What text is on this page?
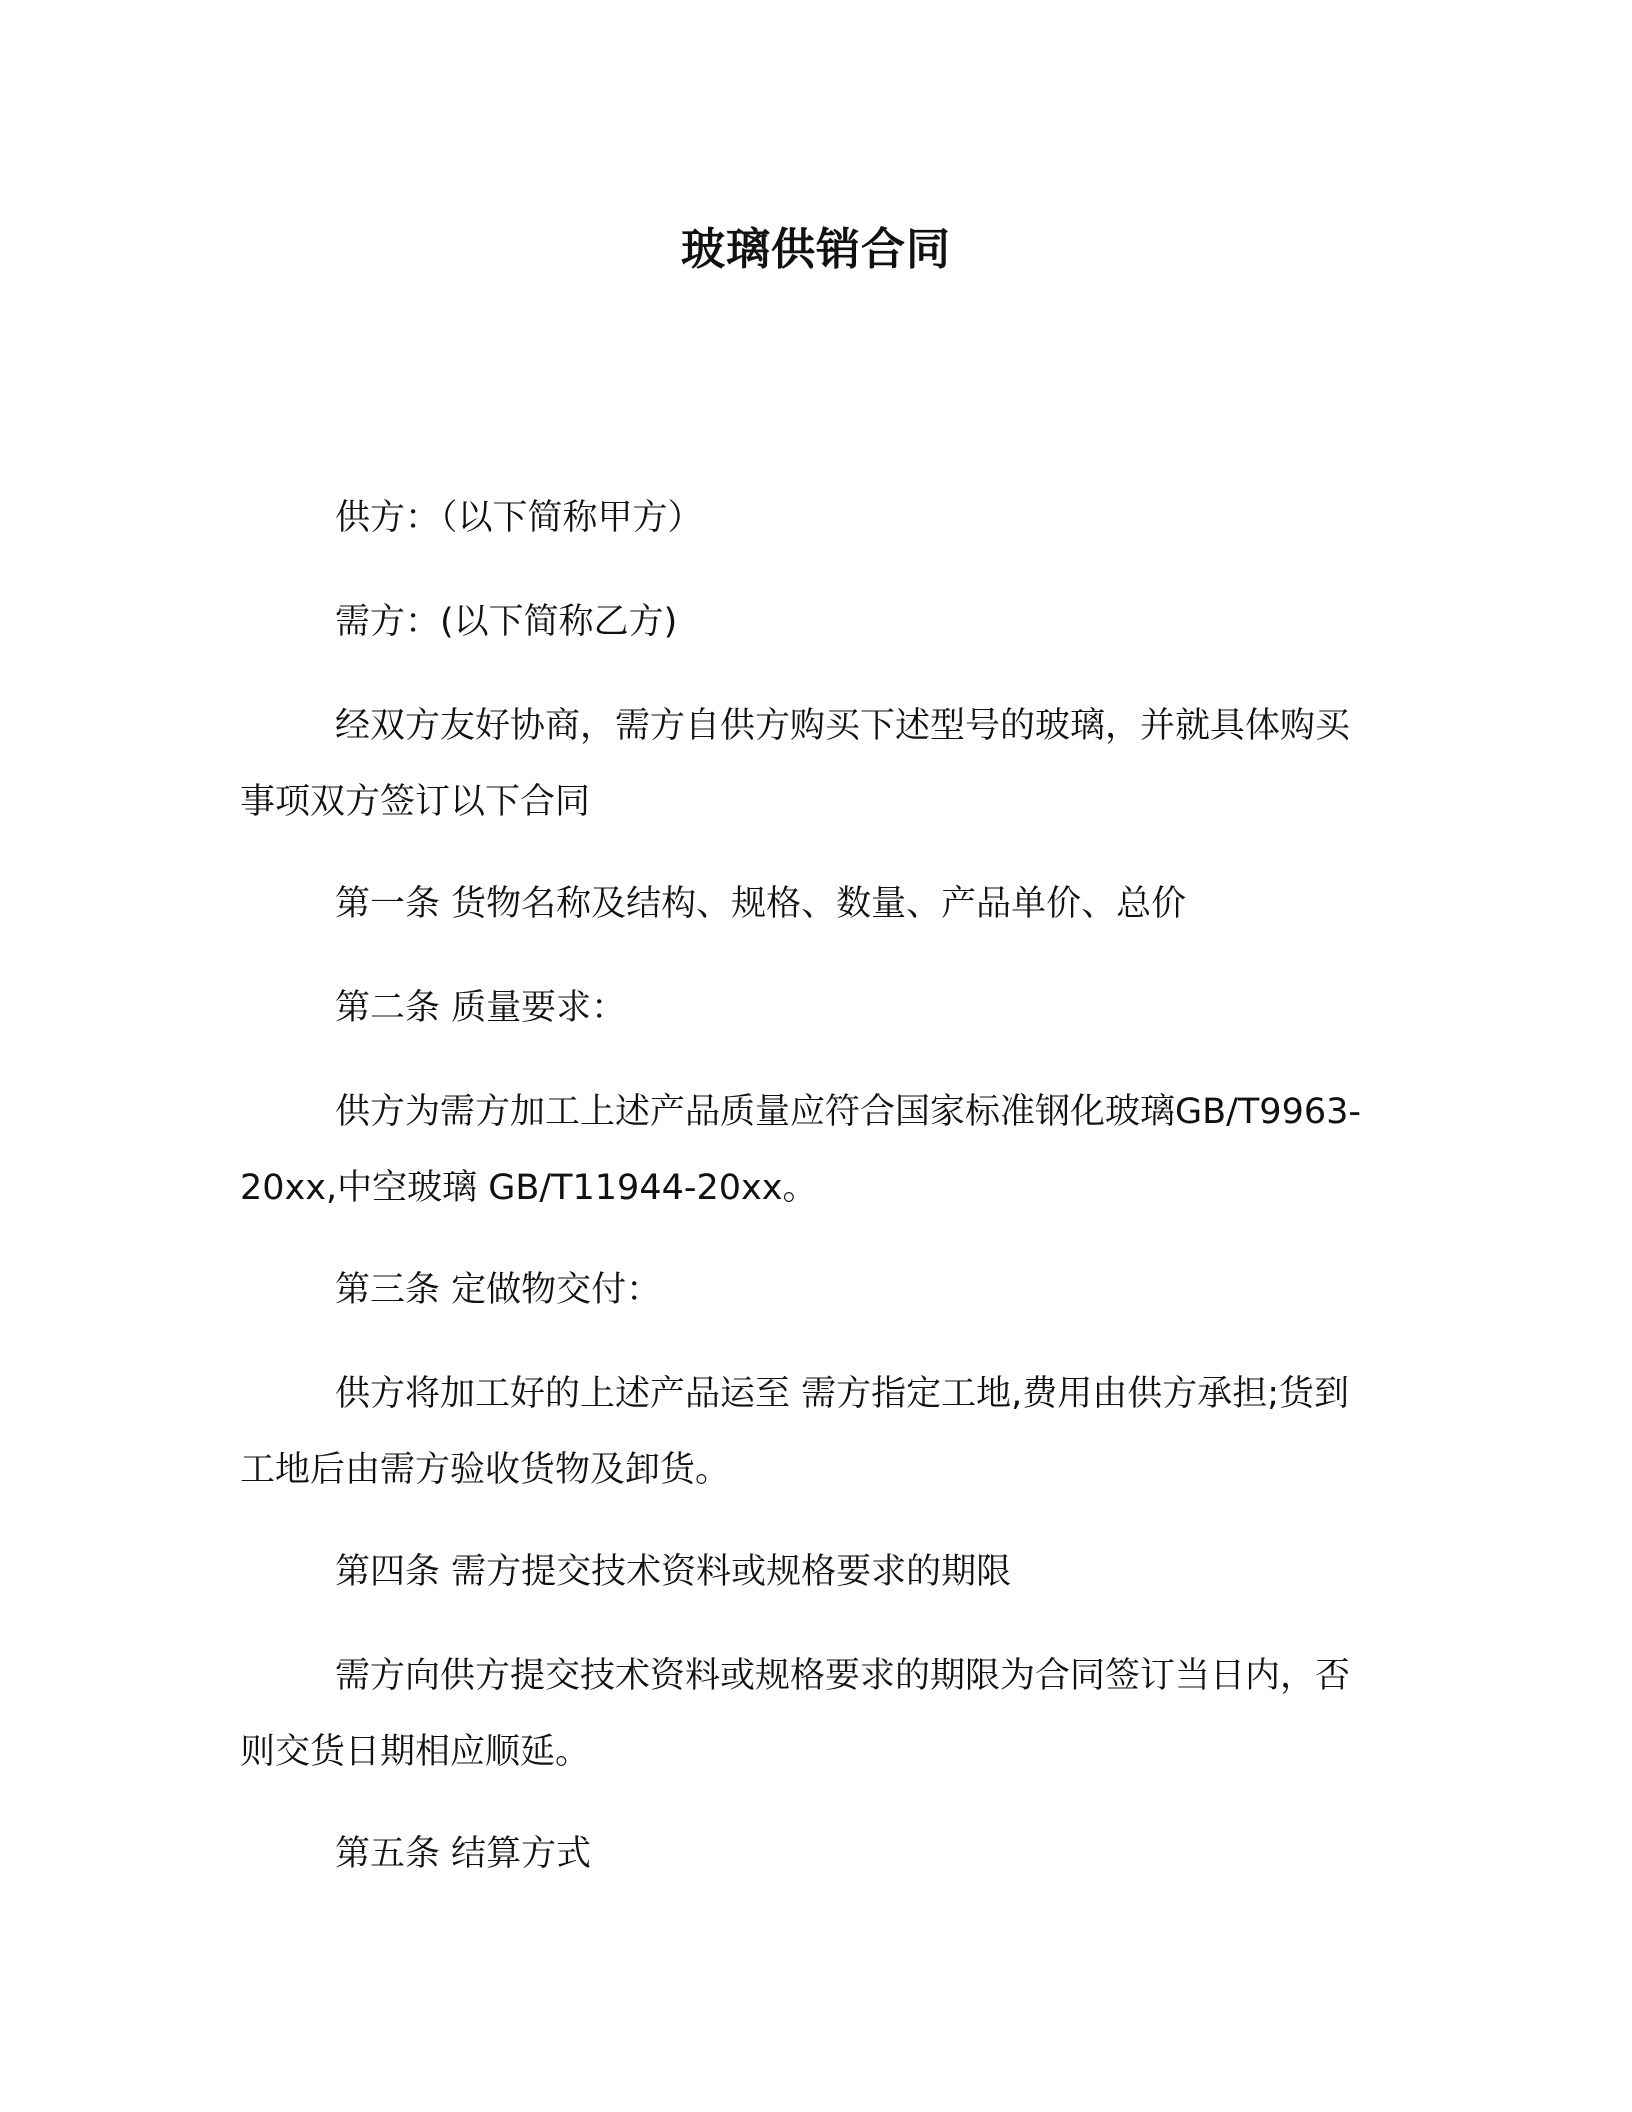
玻璃供销合同
供方：（以下简称甲方）
需方：(以下简称乙方)
经双方友好协商，需方自供方购买下述型号的玻璃，并就具体购买事项双方签订以下合同
第一条 货物名称及结构、规格、数量、产品单价、总价
第二条 质量要求：
供方为需方加工上述产品质量应符合国家标准钢化玻璃GB/T9963-20xx,中空玻璃 GB/T11944-20xx。
第三条 定做物交付：
供方将加工好的上述产品运至 需方指定工地,费用由供方承担;货到工地后由需方验收货物及卸货。
第四条 需方提交技术资料或规格要求的期限
需方向供方提交技术资料或规格要求的期限为合同签订当日内，否则交货日期相应顺延。
第五条 结算方式
